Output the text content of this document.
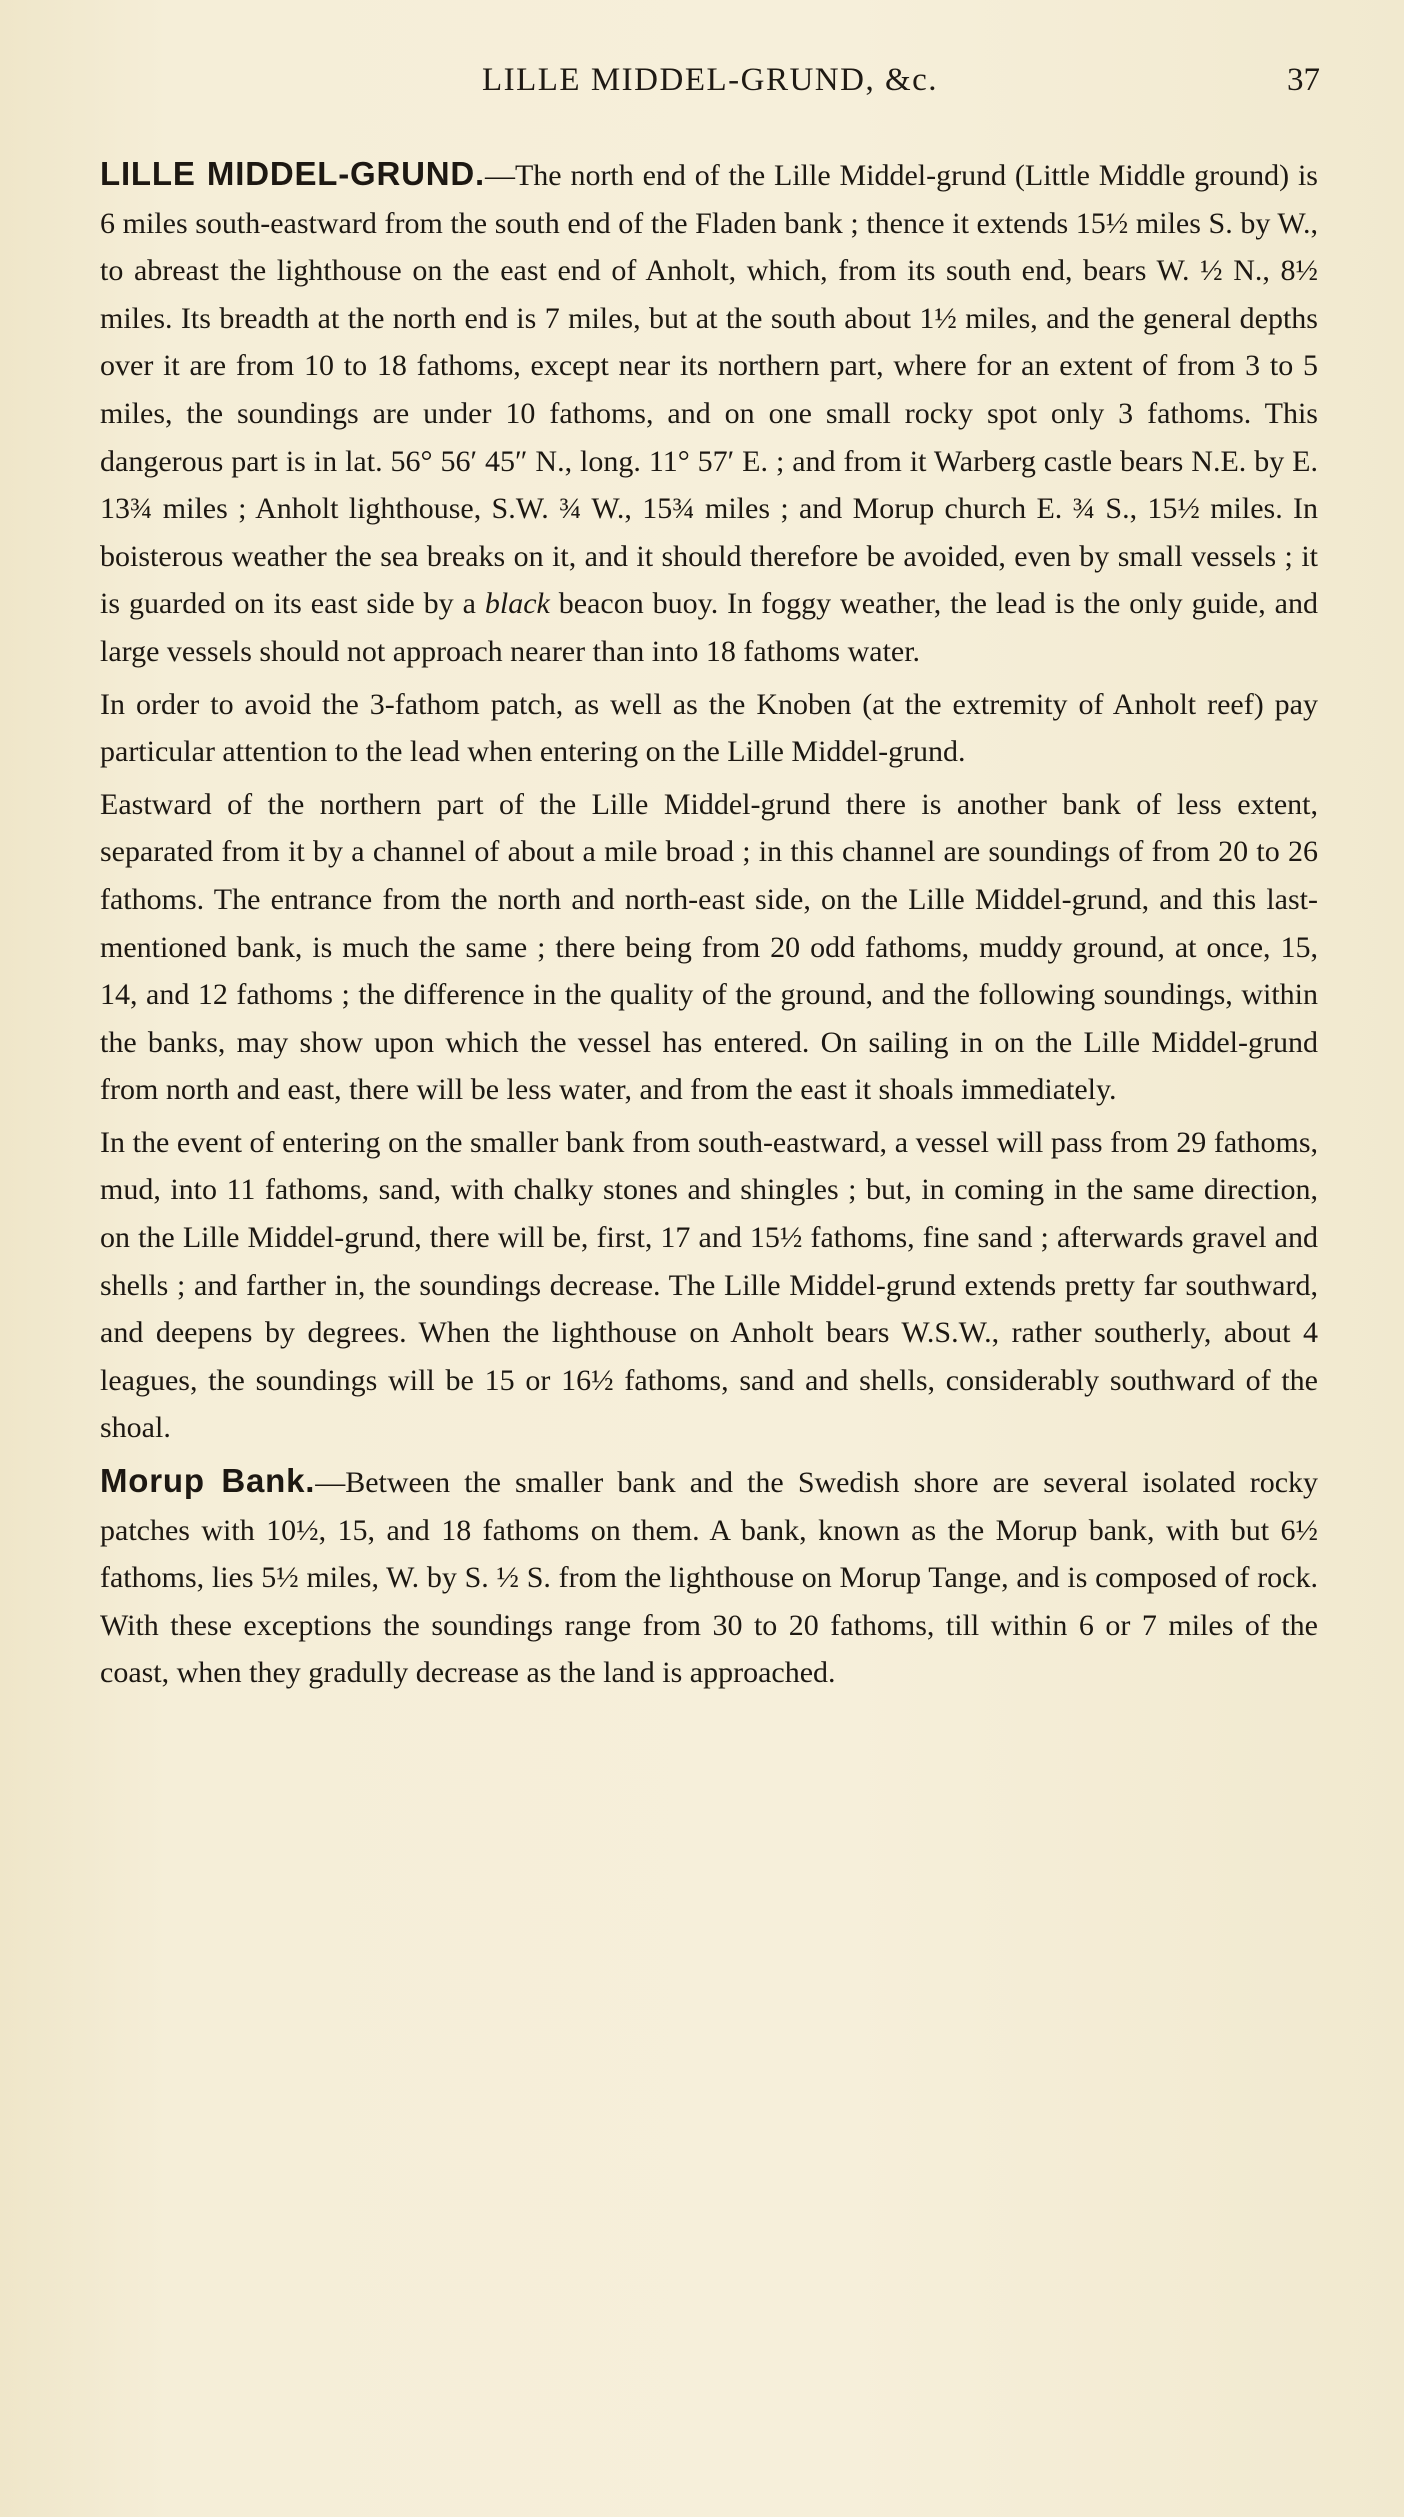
LILLE MIDDEL-GRUND, &c.	37

LILLE MIDDEL-GRUND.—The north end of the Lille Middel-grund (Little Middle ground) is 6 miles south-eastward from the south end of the Fladen bank ; thence it extends 15½ miles S. by W., to abreast the lighthouse on the east end of Anholt, which, from its south end, bears W. ½ N., 8½ miles. Its breadth at the north end is 7 miles, but at the south about 1½ miles, and the general depths over it are from 10 to 18 fathoms, except near its northern part, where for an extent of from 3 to 5 miles, the soundings are under 10 fathoms, and on one small rocky spot only 3 fathoms. This dangerous part is in lat. 56° 56′ 45″ N., long. 11° 57′ E. ; and from it Warberg castle bears N.E. by E. 13¾ miles ; Anholt lighthouse, S.W. ¾ W., 15¾ miles ; and Morup church E. ¾ S., 15½ miles. In boisterous weather the sea breaks on it, and it should therefore be avoided, even by small vessels ; it is guarded on its east side by a black beacon buoy. In foggy weather, the lead is the only guide, and large vessels should not approach nearer than into 18 fathoms water.

In order to avoid the 3-fathom patch, as well as the Knoben (at the extremity of Anholt reef) pay particular attention to the lead when entering on the Lille Middel-grund.

Eastward of the northern part of the Lille Middel-grund there is another bank of less extent, separated from it by a channel of about a mile broad ; in this channel are soundings of from 20 to 26 fathoms. The entrance from the north and north-east side, on the Lille Middel-grund, and this last-mentioned bank, is much the same ; there being from 20 odd fathoms, muddy ground, at once, 15, 14, and 12 fathoms ; the difference in the quality of the ground, and the following soundings, within the banks, may show upon which the vessel has entered. On sailing in on the Lille Middel-grund from north and east, there will be less water, and from the east it shoals immediately.

In the event of entering on the smaller bank from south-eastward, a vessel will pass from 29 fathoms, mud, into 11 fathoms, sand, with chalky stones and shingles ; but, in coming in the same direction, on the Lille Middel-grund, there will be, first, 17 and 15½ fathoms, fine sand ; afterwards gravel and shells ; and farther in, the soundings decrease. The Lille Middel-grund extends pretty far southward, and deepens by degrees. When the lighthouse on Anholt bears W.S.W., rather southerly, about 4 leagues, the soundings will be 15 or 16½ fathoms, sand and shells, considerably southward of the shoal.

Morup Bank.—Between the smaller bank and the Swedish shore are several isolated rocky patches with 10½, 15, and 18 fathoms on them. A bank, known as the Morup bank, with but 6½ fathoms, lies 5½ miles, W. by S. ½ S. from the lighthouse on Morup Tange, and is composed of rock. With these exceptions the soundings range from 30 to 20 fathoms, till within 6 or 7 miles of the coast, when they gradully decrease as the land is approached.
